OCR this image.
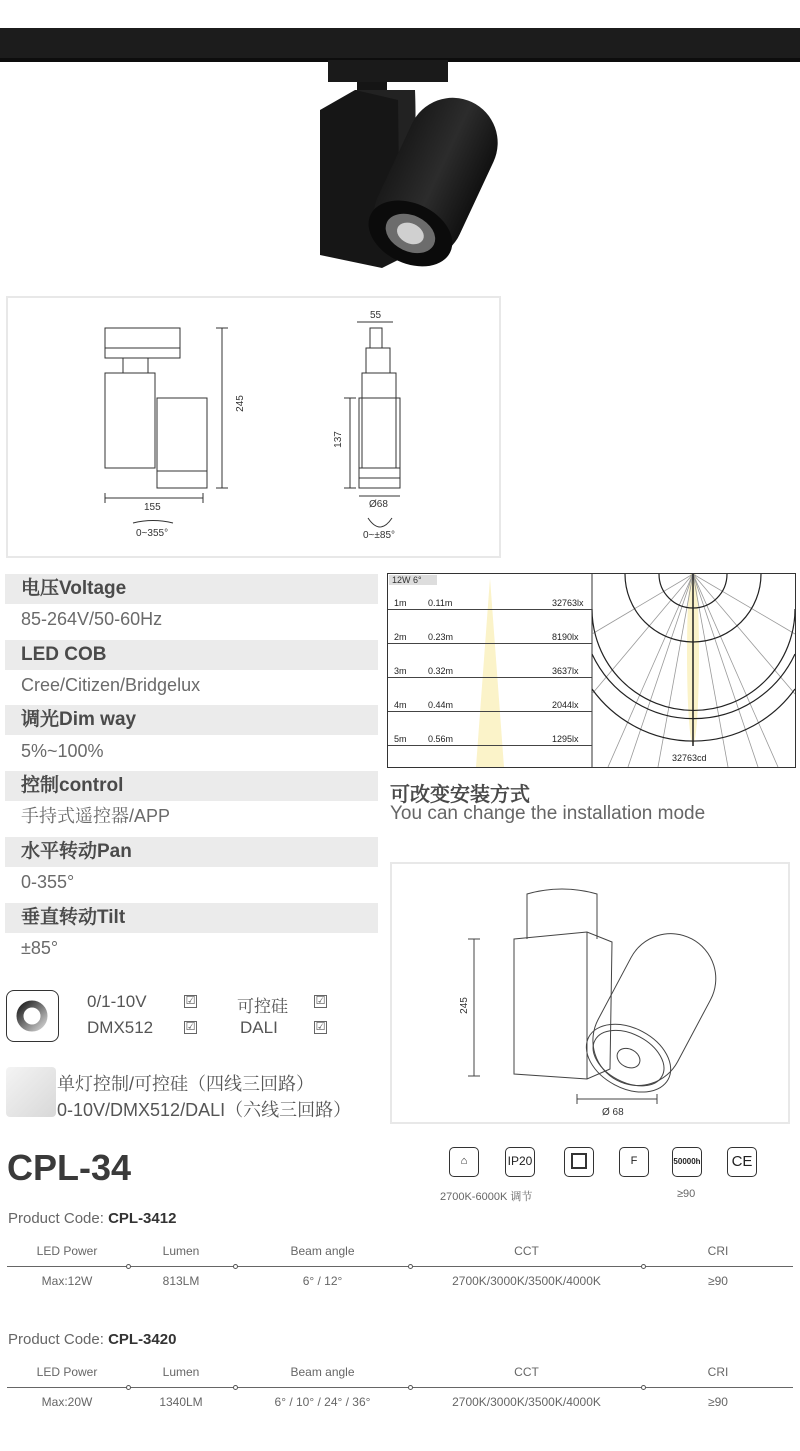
245
155
0~355°
55
137
Ø68
0~±85°
电压Voltage
85-264V/50-60Hz
LED COB
Cree/Citizen/Bridgelux
调光Dim way
5%~100%
控制control
手持式遥控器/APP
水平转动Pan
0-355°
垂直转动Tilt
±85°
12W 6°
1m 0.11m	32763lx
2m 0.23m	8190lx
3m 0.32m	3637lx
4m 0.44m	2044lx
5m 0.56m	1295lx
32763cd
可改变安装方式
You can change the installation mode
245
Ø 68
0/1-10V	☑ 可控硅	☑
DMX512	☑	DALI	☑
单灯控制/可控硅（四线三回路）
0-10V/DMX512/DALI（六线三回路）
CPL-34	⌂	IP20	F	50000h	CE
2700K-6000K 调节	≥90
Product Code: CPL-3412
LED Power	Lumen	Beam angle	CCT	CRI
Max:12W	813LM	6° / 12°	2700K/3000K/3500K/4000K	≥90
Product Code: CPL-3420
LED Power	Lumen	Beam angle	CCT	CRI
Max:20W	1340LM	6° / 10° / 24° / 36°	2700K/3000K/3500K/4000K	≥90
